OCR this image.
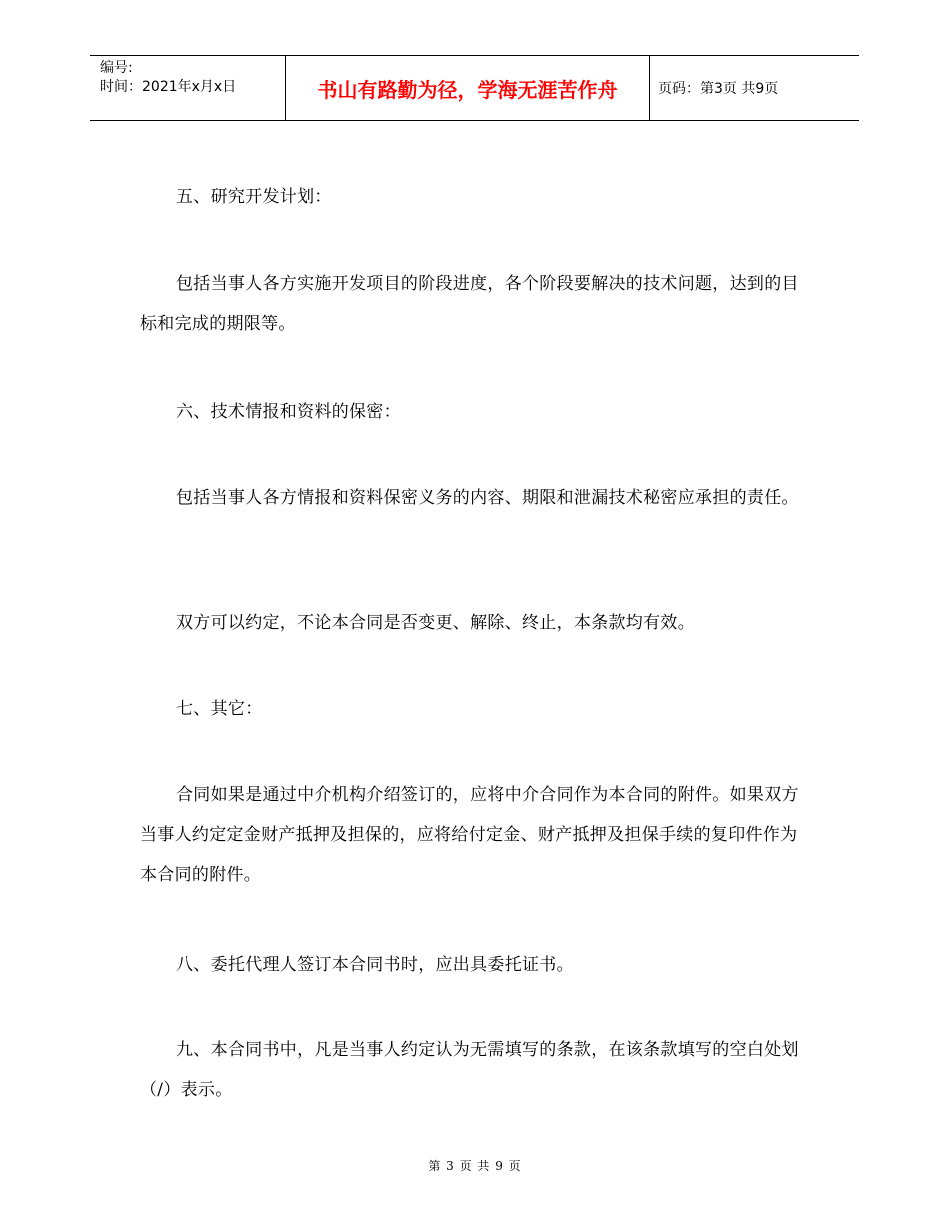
编号:
时间：2021年x月x日	书山有路勤为径，学海无涯苦作舟	页码：第3页 共9页

五、研究开发计划：

包括当事人各方实施开发项目的阶段进度，各个阶段要解决的技术问题，达到的目标和完成的期限等。

六、技术情报和资料的保密：

包括当事人各方情报和资料保密义务的内容、期限和泄漏技术秘密应承担的责任。

双方可以约定，不论本合同是否变更、解除、终止，本条款均有效。

七、其它：

合同如果是通过中介机构介绍签订的，应将中介合同作为本合同的附件。如果双方当事人约定定金财产抵押及担保的，应将给付定金、财产抵押及担保手续的复印件作为本合同的附件。

八、委托代理人签订本合同书时，应出具委托证书。

九、本合同书中，凡是当事人约定认为无需填写的条款，在该条款填写的空白处划（/）表示。

第 3 页 共 9 页
